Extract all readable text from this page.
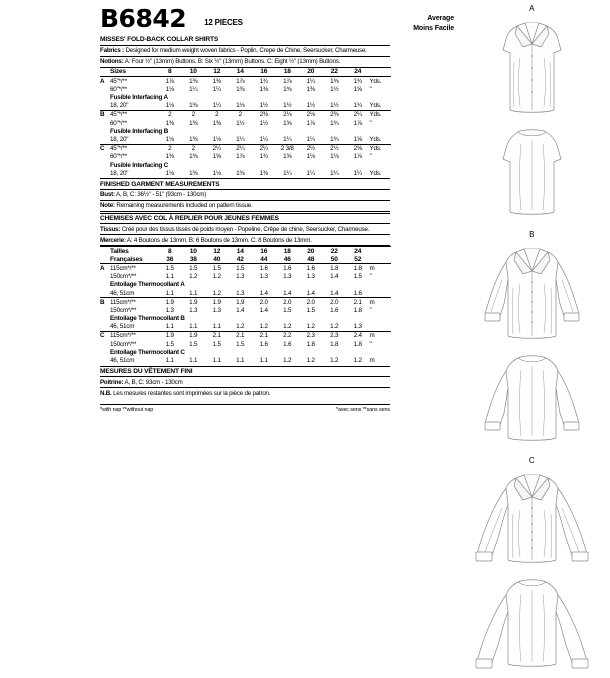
Average
Moins Facile
B6842 12 PIECES
MISSES' FOLD-BACK COLLAR SHIRTS
Fabrics : Designed for medium weight woven fabrics - Poplin, Crepe de Chine, Seersucker, Charmeuse.
Notions: A: Four ½" (13mm) Buttons. B: Six ½" (13mm) Buttons. C: Eight ½" (13mm) Buttons.
	Sizes	8	10	12	14	16	18	20	22	24	
A	45"*/**	1⅞	1⅜	1⅜	1⅞	1¾	1⅞	1¼	1⅜	1¾	Yds.
	60"*/**	1⅛	1¼	1¼	1⅜	1⅜	1⅜	1⅜	1½	1⅝	"
	Fusible Interfacing A										
	18, 20"	1⅛	1⅜	1¼	1⅛	1½	1½	1½	1½	1¾	Yds.
B	45"*/**	2	2	2	2	2⅜	2⅛	2⅛	2⅜	2¼	Yds.
	60"*/**	1⅜	1⅜	1⅜	1½	1½	1⅝	1⅞	1¾	1⅞	"
	Fusible Interfacing B										
	18, 20"	1⅛	1⅜	1⅛	1¼	1¼	1¼	1¼	1¾	1⅝	Yds.
C	45"*/**	2	2	2¼	2¼	2¼	2 3/8	2½	2½	2⅝	Yds.
	60"*/**	1⅜	1⅜	1⅝	1⅞	1¾	1⅝	1⅛	1⅛	1⅞	"
	Fusible Interfacing C										
	18, 20"	1⅛	1⅜	1⅛	1⅜	1⅜	1¼	1¼	1¼	1¼	Yds.
FINISHED GARMENT MEASUREMENTS
Bust: A, B, C: 36½" - 51" (93cm - 130cm)
Note: Remaining measurements included on pattern tissue.
CHEMISES AVEC COL À REPLIER POUR JEUNES FEMMES
Tissus: Créé pour des tissus tissés de poids moyen - Popeline, Crêpe de chine, Seersucker, Charmeuse.
Mercerie: A: 4 Boutons de 13mm. B: 6 Boutons de 13mm. C: 8 Boutons de 13mm.
	Tailles	8	10	12	14	16	18	20	22	24	
	Françaises	36	38	40	42	44	46	48	50	52	
A	115cm*/**	1.5	1.5	1.5	1.5	1.6	1.6	1.6	1.8	1.8	m
	150cm*/**	1.1	1.2	1.2	1.3	1.3	1.3	1.3	1.4	1.5	"
	Entoilage Thermocollant A										
	46, 51cm	1.1	1.1	1.2	1.3	1.4	1.4	1.4	1.4	1.6	
B	115cm*/**	1.9	1.9	1.9	1.9	2.0	2.0	2.0	2.0	2.1	m
	150cm*/**	1.3	1.3	1.3	1.4	1.4	1.5	1.5	1.6	1.8	"
	Entoilage Thermocollant B										
	46, 51cm	1.1	1.1	1.1	1.2	1.2	1.2	1.2	1.2	1.3	
C	115cm*/**	1.9	1.9	2.1	2.1	2.1	2.2	2.3	2.3	2.4	m
	150cm*/**	1.5	1.5	1.5	1.5	1.6	1.6	1.8	1.8	1.8	"
	Entoilage Thermocollant C										
	46, 51cm	1.1	1.1	1.1	1.1	1.1	1.2	1.2	1.2	1.2	m
MESURES DU VÊTEMENT FINI
Poitrine: A, B, C: 93cm - 130cm
N.B. Les mesures restantes sont imprimées sur la pièce de patron.
*with nap **without nap	*avec sens **sans sens
A
B
C
